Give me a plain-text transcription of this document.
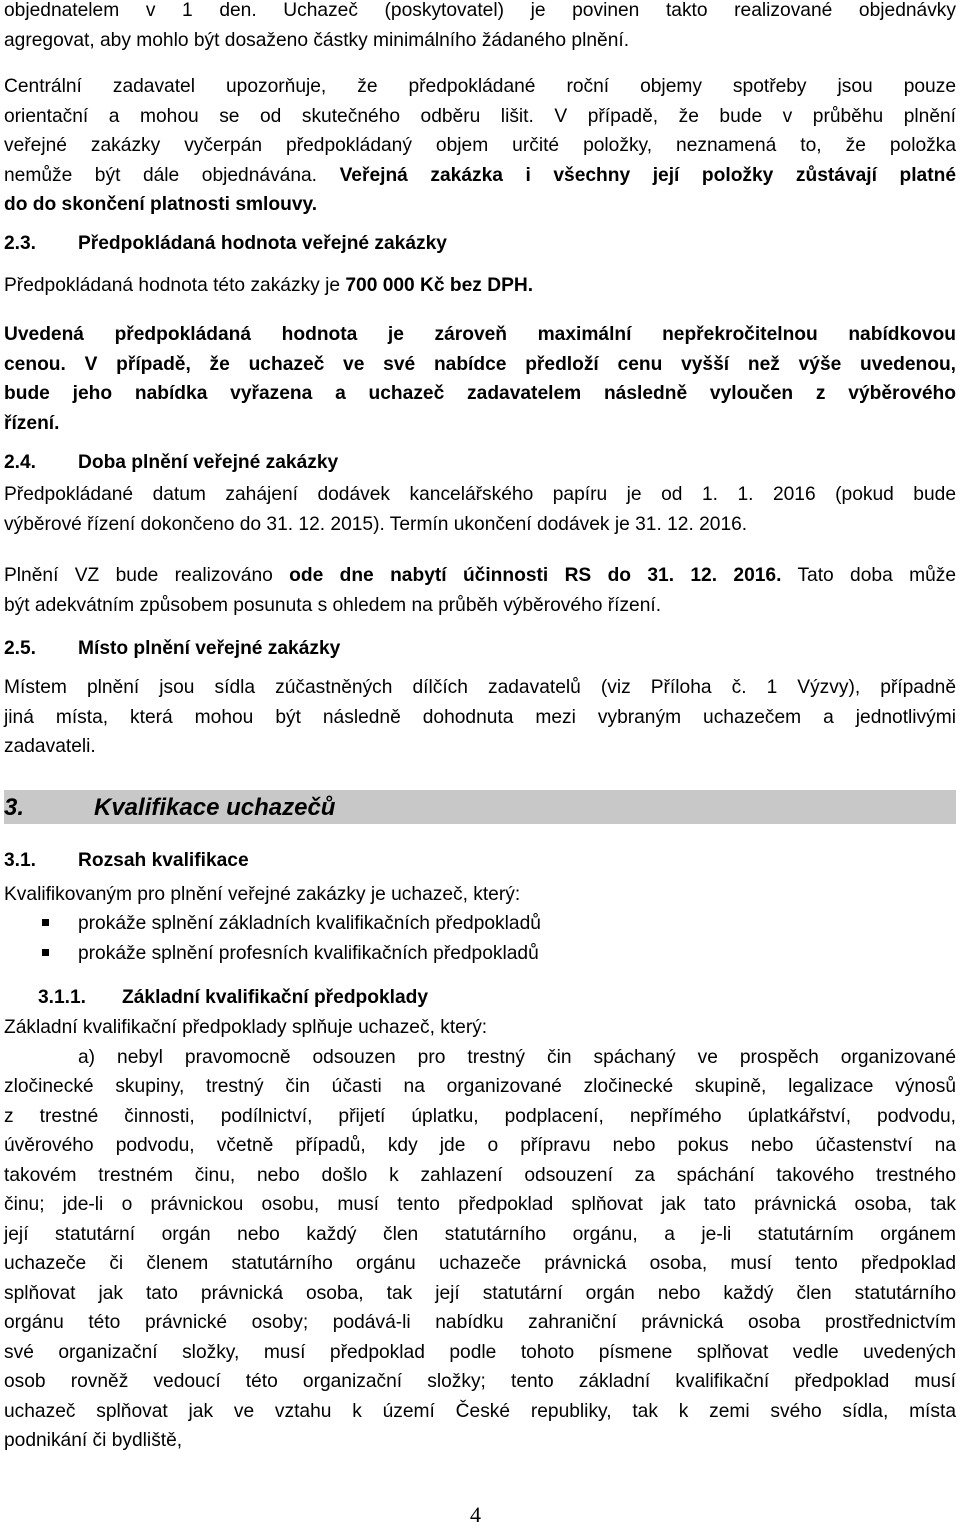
objednatelem v 1 den. Uchazeč (poskytovatel) je povinen takto realizované objednávky
agregovat, aby mohlo být dosaženo částky minimálního žádaného plnění.
Centrální zadavatel upozorňuje, že předpokládané roční objemy spotřeby jsou pouze
orientační a mohou se od skutečného odběru lišit. V případě, že bude v průběhu plnění
veřejné zakázky vyčerpán předpokládaný objem určité položky, neznamená to, že položka
nemůže být dále objednávána. Veřejná zakázka i všechny její položky zůstávají platné
do do skončení platnosti smlouvy.
2.3. Předpokládaná hodnota veřejné zakázky
Předpokládaná hodnota této zakázky je 700 000 Kč bez DPH.
Uvedená předpokládaná hodnota je zároveň maximální nepřekročitelnou nabídkovou
cenou. V případě, že uchazeč ve své nabídce předloží cenu vyšší než výše uvedenou,
bude jeho nabídka vyřazena a uchazeč zadavatelem následně vyloučen z výběrového
řízení.
2.4. Doba plnění veřejné zakázky
Předpokládané datum zahájení dodávek kancelářského papíru je od 1. 1. 2016 (pokud bude
výběrové řízení dokončeno do 31. 12. 2015). Termín ukončení dodávek je 31. 12. 2016.
Plnění VZ bude realizováno ode dne nabytí účinnosti RS do 31. 12. 2016. Tato doba může
být adekvátním způsobem posunuta s ohledem na průběh výběrového řízení.
2.5. Místo plnění veřejné zakázky
Místem plnění jsou sídla zúčastněných dílčích zadavatelů (viz Příloha č. 1 Výzvy), případně
jiná místa, která mohou být následně dohodnuta mezi vybraným uchazečem a jednotlivými
zadavateli.
3.	Kvalifikace uchazečů
3.1. Rozsah kvalifikace
Kvalifikovaným pro plnění veřejné zakázky je uchazeč, který:
prokáže splnění základních kvalifikačních předpokladů
prokáže splnění profesních kvalifikačních předpokladů
3.1.1. Základní kvalifikační předpoklady
Základní kvalifikační předpoklady splňuje uchazeč, který:
a) nebyl pravomocně odsouzen pro trestný čin spáchaný ve prospěch organizované
zločinecké skupiny, trestný čin účasti na organizované zločinecké skupině, legalizace výnosů
z trestné činnosti, podílnictví, přijetí úplatku, podplacení, nepřímého úplatkářství, podvodu,
úvěrového podvodu, včetně případů, kdy jde o přípravu nebo pokus nebo účastenství na
takovém trestném činu, nebo došlo k zahlazení odsouzení za spáchání takového trestného
činu; jde-li o právnickou osobu, musí tento předpoklad splňovat jak tato právnická osoba, tak
její statutární orgán nebo každý člen statutárního orgánu, a je-li statutárním orgánem
uchazeče či členem statutárního orgánu uchazeče právnická osoba, musí tento předpoklad
splňovat jak tato právnická osoba, tak její statutární orgán nebo každý člen statutárního
orgánu této právnické osoby; podává-li nabídku zahraniční právnická osoba prostřednictvím
své organizační složky, musí předpoklad podle tohoto písmene splňovat vedle uvedených
osob rovněž vedoucí této organizační složky; tento základní kvalifikační předpoklad musí
uchazeč splňovat jak ve vztahu k území České republiky, tak k zemi svého sídla, místa
podnikání či bydliště,
4
